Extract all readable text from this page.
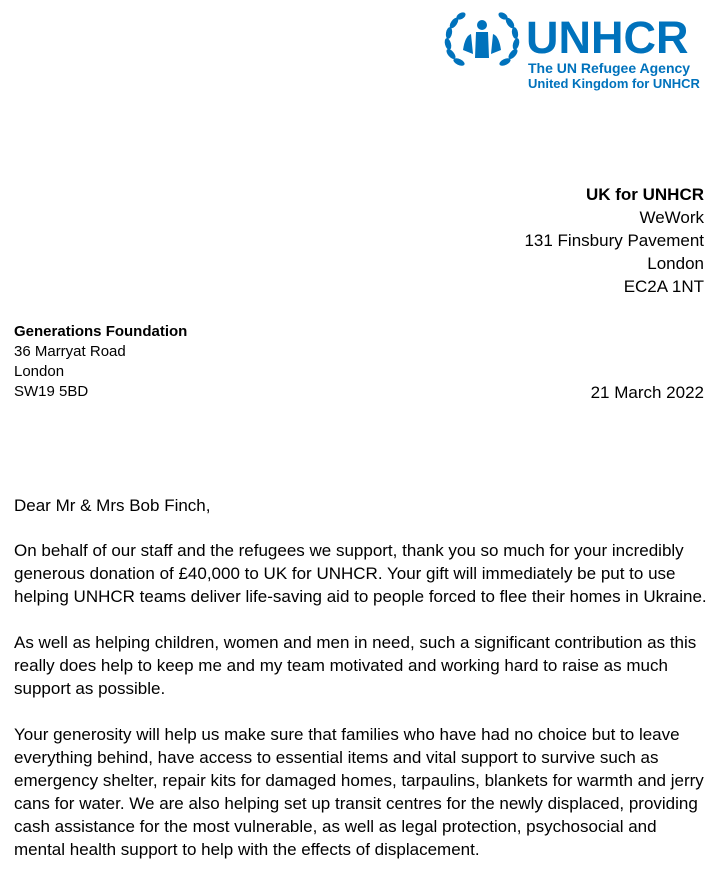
UNHCR
The UN Refugee Agency
United Kingdom for UNHCR
UK for UNHCR
WeWork
131 Finsbury Pavement
London
EC2A 1NT
Generations Foundation
36 Marryat Road
London
SW19 5BD	21 March 2022

Dear Mr & Mrs Bob Finch,

On behalf of our staff and the refugees we support, thank you so much for your incredibly generous donation of £40,000 to UK for UNHCR. Your gift will immediately be put to use helping UNHCR teams deliver life-saving aid to people forced to flee their homes in Ukraine.

As well as helping children, women and men in need, such a significant contribution as this really does help to keep me and my team motivated and working hard to raise as much support as possible.

Your generosity will help us make sure that families who have had no choice but to leave everything behind, have access to essential items and vital support to survive such as emergency shelter, repair kits for damaged homes, tarpaulins, blankets for warmth and jerry cans for water. We are also helping set up transit centres for the newly displaced, providing cash assistance for the most vulnerable, as well as legal protection, psychosocial and mental health support to help with the effects of displacement.
